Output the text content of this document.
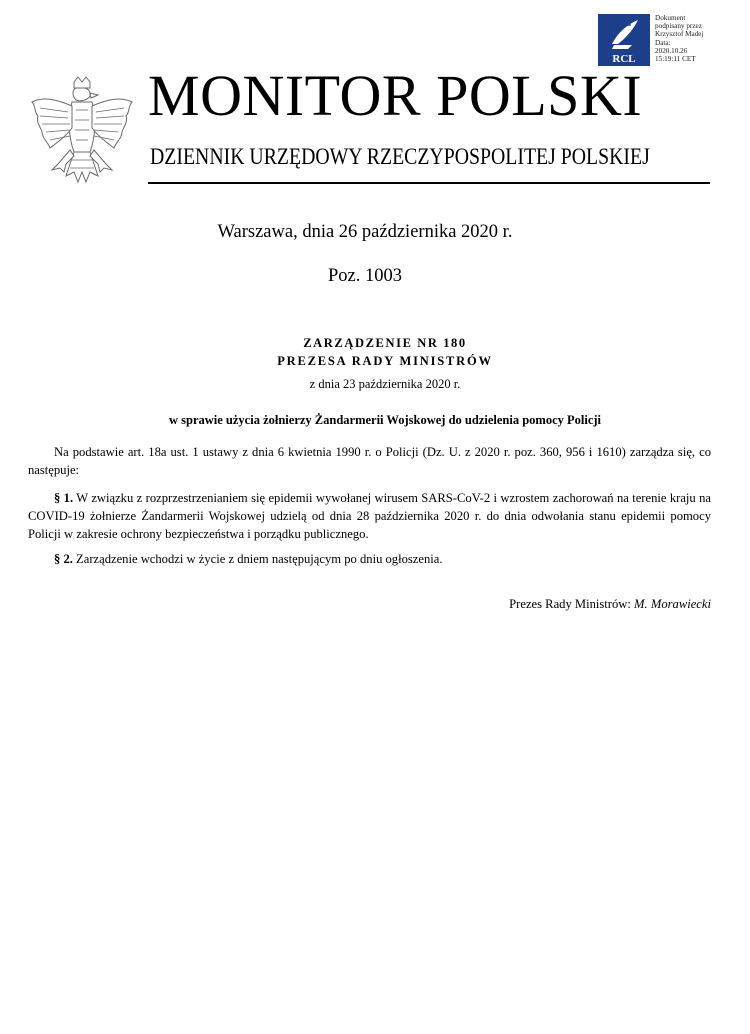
RCL
Dokument
podpisany przez
Krzysztof Madej
Data:
2020.10.26
15:19:11 CET
MONITOR POLSKI
DZIENNIK URZĘDOWY RZECZYPOSPOLITEJ POLSKIEJ
Warszawa, dnia 26 października 2020 r.
Poz. 1003
ZARZĄDZENIE NR 180
PREZESA RADY MINISTRÓW
z dnia 23 października 2020 r.
w sprawie użycia żołnierzy Żandarmerii Wojskowej do udzielenia pomocy Policji
Na podstawie art. 18a ust. 1 ustawy z dnia 6 kwietnia 1990 r. o Policji (Dz. U. z 2020 r. poz. 360, 956 i 1610) zarządza się, co następuje:
§ 1. W związku z rozprzestrzenianiem się epidemii wywołanej wirusem SARS-CoV-2 i wzrostem zachorowań na terenie kraju na COVID-19 żołnierze Żandarmerii Wojskowej udzielą od dnia 28 października 2020 r. do dnia odwołania stanu epidemii pomocy Policji w zakresie ochrony bezpieczeństwa i porządku publicznego.
§ 2. Zarządzenie wchodzi w życie z dniem następującym po dniu ogłoszenia.
Prezes Rady Ministrów: M. Morawiecki
